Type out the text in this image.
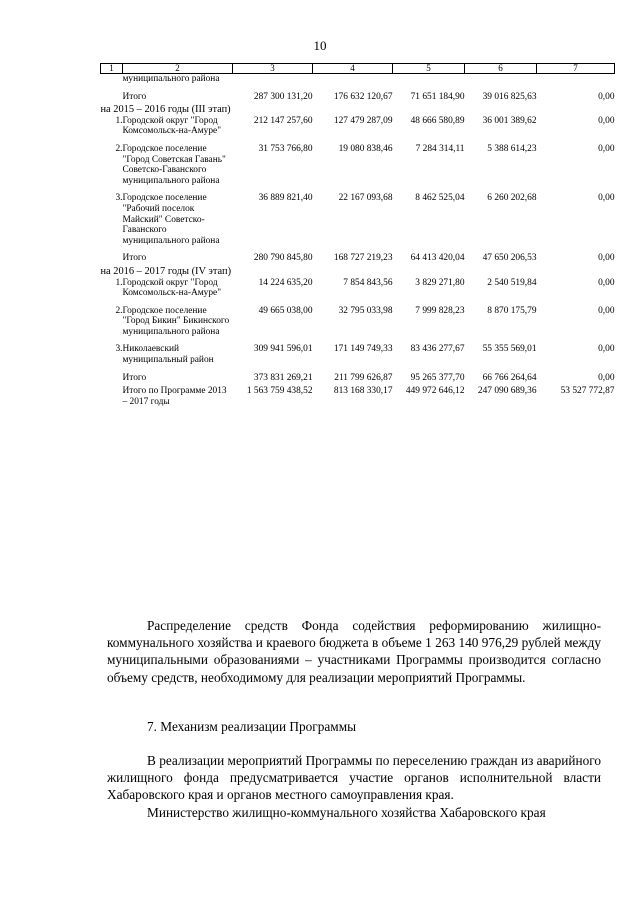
10
1	2	3	4	5	6	7
	муниципального района					
	Итого	287 300 131,20	176 632 120,67	71 651 184,90	39 016 825,63	0,00
на 2015 – 2016 годы (III этап)						
1.	Городской округ "Город Комсомольск-на-Амуре"	212 147 257,60	127 479 287,09	48 666 580,89	36 001 389,62	0,00
2.	Городское поселение "Город Советская Гавань" Советско-Гаванского муниципального района	31 753 766,80	19 080 838,46	7 284 314,11	5 388 614,23	0,00
3.	Городское поселение "Рабочий поселок Майский" Советско-Гаванского муниципального района	36 889 821,40	22 167 093,68	8 462 525,04	6 260 202,68	0,00
	Итого	280 790 845,80	168 727 219,23	64 413 420,04	47 650 206,53	0,00
на 2016 – 2017 годы (IV этап)						
1.	Городской округ "Город Комсомольск-на-Амуре"	14 224 635,20	7 854 843,56	3 829 271,80	2 540 519,84	0,00
2.	Городское поселение "Город Бикин" Бикинского муниципального района	49 665 038,00	32 795 033,98	7 999 828,23	8 870 175,79	0,00
3.	Николаевский муниципальный район	309 941 596,01	171 149 749,33	83 436 277,67	55 355 569,01	0,00
	Итого	373 831 269,21	211 799 626,87	95 265 377,70	66 766 264,64	0,00
	Итого по Программе 2013 – 2017 годы	1 563 759 438,52	813 168 330,17	449 972 646,12	247 090 689,36	53 527 772,87

Распределение средств Фонда содействия реформированию жилищно-коммунального хозяйства и краевого бюджета в объеме 1 263 140 976,29 рублей между муниципальными образованиями – участниками Программы производится согласно объему средств, необходимому для реализации мероприятий Программы.

7. Механизм реализации Программы

В реализации мероприятий Программы по переселению граждан из аварийного жилищного фонда предусматривается участие органов исполнительной власти Хабаровского края и органов местного самоуправления края.

Министерство жилищно-коммунального хозяйства Хабаровского края
